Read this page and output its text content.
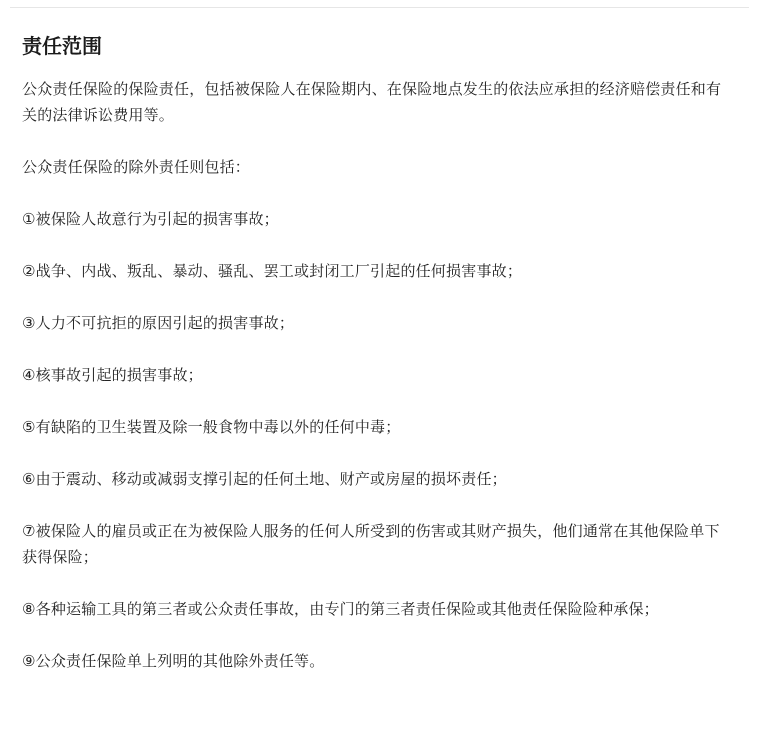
责任范围

公众责任保险的保险责任，包括被保险人在保险期内、在保险地点发生的依法应承担的经济赔偿责任和有关的法律诉讼费用等。

公众责任保险的除外责任则包括：

①被保险人故意行为引起的损害事故；
②战争、内战、叛乱、暴动、骚乱、罢工或封闭工厂引起的任何损害事故；
③人力不可抗拒的原因引起的损害事故；
④核事故引起的损害事故；
⑤有缺陷的卫生装置及除一般食物中毒以外的任何中毒；
⑥由于震动、移动或减弱支撑引起的任何土地、财产或房屋的损坏责任；
⑦被保险人的雇员或正在为被保险人服务的任何人所受到的伤害或其财产损失，他们通常在其他保险单下获得保险；
⑧各种运输工具的第三者或公众责任事故，由专门的第三者责任保险或其他责任保险险种承保；
⑨公众责任保险单上列明的其他除外责任等。
